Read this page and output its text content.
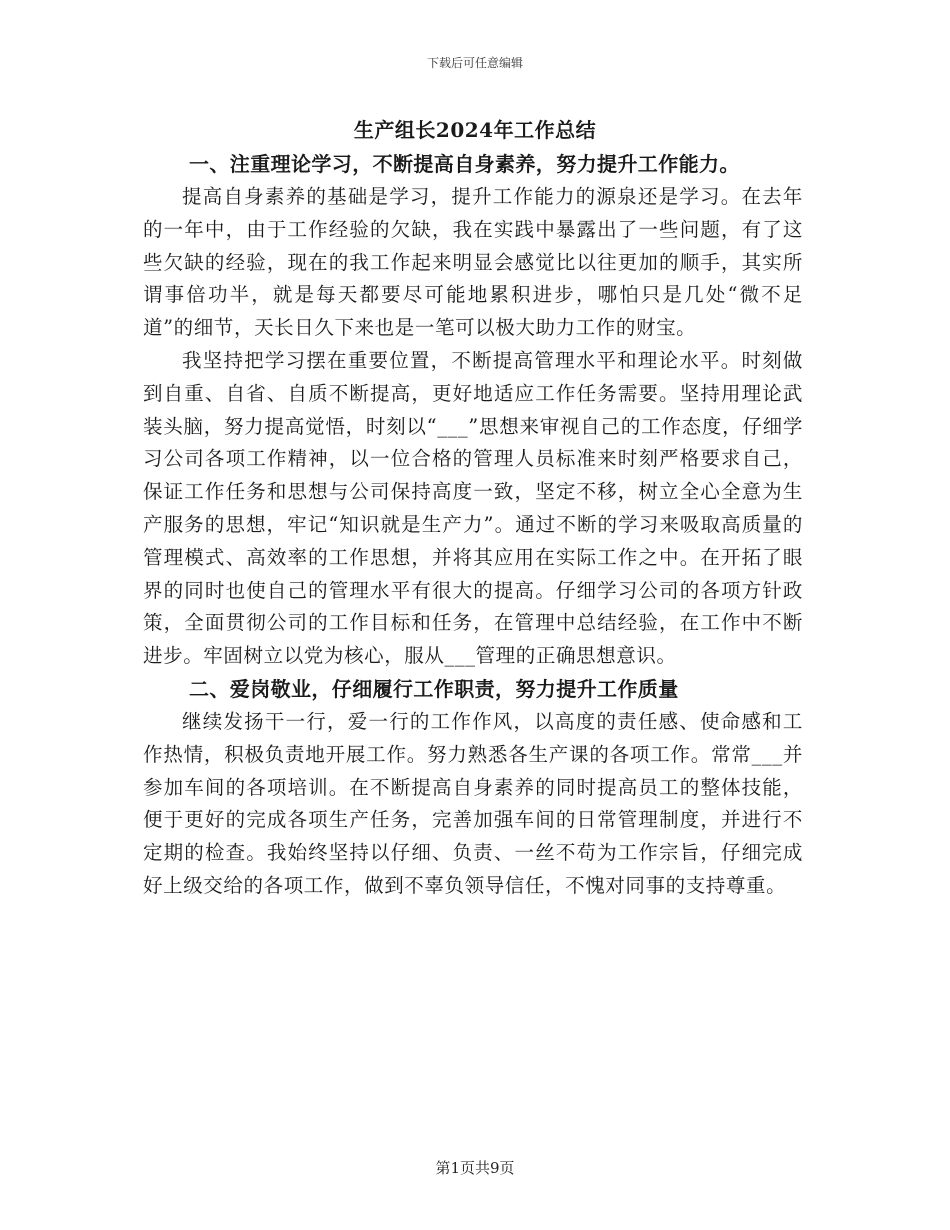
下载后可任意编辑
生产组长2024年工作总结
一、注重理论学习，不断提高自身素养，努力提升工作能力。

提高自身素养的基础是学习，提升工作能力的源泉还是学习。在去年的一年中，由于工作经验的欠缺，我在实践中暴露出了一些问题，有了这些欠缺的经验，现在的我工作起来明显会感觉比以往更加的顺手，其实所谓事倍功半，就是每天都要尽可能地累积进步，哪怕只是几处“微不足道”的细节，天长日久下来也是一笔可以极大助力工作的财宝。

我坚持把学习摆在重要位置，不断提高管理水平和理论水平。时刻做到自重、自省、自质不断提高，更好地适应工作任务需要。坚持用理论武装头脑，努力提高觉悟，时刻以“___”思想来审视自己的工作态度，仔细学习公司各项工作精神，以一位合格的管理人员标准来时刻严格要求自己，保证工作任务和思想与公司保持高度一致，坚定不移，树立全心全意为生产服务的思想，牢记“知识就是生产力”。通过不断的学习来吸取高质量的管理模式、高效率的工作思想，并将其应用在实际工作之中。在开拓了眼界的同时也使自己的管理水平有很大的提高。仔细学习公司的各项方针政策，全面贯彻公司的工作目标和任务，在管理中总结经验，在工作中不断进步。牢固树立以党为核心，服从___管理的正确思想意识。

二、爱岗敬业，仔细履行工作职责，努力提升工作质量

继续发扬干一行，爱一行的工作作风，以高度的责任感、使命感和工作热情，积极负责地开展工作。努力熟悉各生产课的各项工作。常常___并参加车间的各项培训。在不断提高自身素养的同时提高员工的整体技能，便于更好的完成各项生产任务，完善加强车间的日常管理制度，并进行不定期的检查。我始终坚持以仔细、负责、一丝不苟为工作宗旨，仔细完成好上级交给的各项工作，做到不辜负领导信任，不愧对同事的支持尊重。

第1页共9页
